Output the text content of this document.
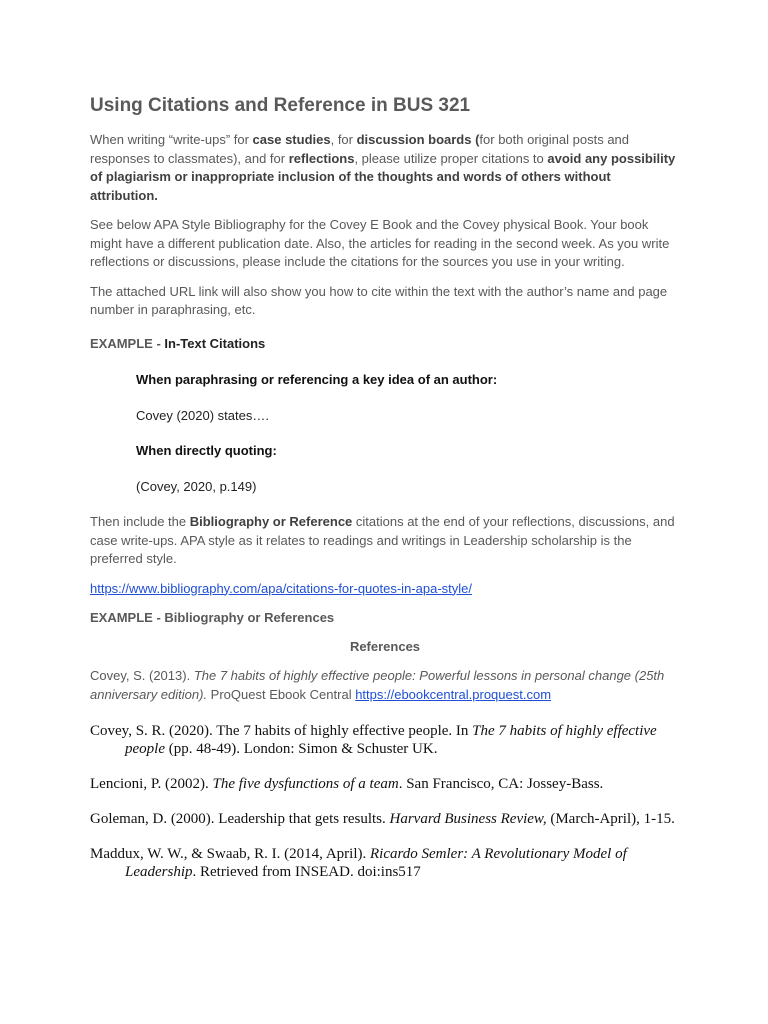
Using Citations and Reference in BUS 321

When writing “write-ups” for case studies, for discussion boards (for both original posts and responses to classmates), and for reflections, please utilize proper citations to avoid any possibility of plagiarism or inappropriate inclusion of the thoughts and words of others without attribution.

See below APA Style Bibliography for the Covey E Book and the Covey physical Book. Your book might have a different publication date. Also, the articles for reading in the second week. As you write reflections or discussions, please include the citations for the sources you use in your writing.

The attached URL link will also show you how to cite within the text with the author’s name and page number in paraphrasing, etc.

EXAMPLE - In-Text Citations

When paraphrasing or referencing a key idea of an author:

Covey (2020) states….

When directly quoting:

(Covey, 2020, p.149)

Then include the Bibliography or Reference citations at the end of your reflections, discussions, and case write-ups. APA style as it relates to readings and writings in Leadership scholarship is the preferred style.

https://www.bibliography.com/apa/citations-for-quotes-in-apa-style/

EXAMPLE - Bibliography or References

References

Covey, S. (2013). The 7 habits of highly effective people: Powerful lessons in personal change (25th anniversary edition). ProQuest Ebook Central https://ebookcentral.proquest.com

Covey, S. R. (2020). The 7 habits of highly effective people. In The 7 habits of highly effective people (pp. 48-49). London: Simon & Schuster UK.

Lencioni, P. (2002). The five dysfunctions of a team. San Francisco, CA: Jossey-Bass.

Goleman, D. (2000). Leadership that gets results. Harvard Business Review, (March-April), 1-15.

Maddux, W. W., & Swaab, R. I. (2014, April). Ricardo Semler: A Revolutionary Model of Leadership. Retrieved from INSEAD. doi:ins517
